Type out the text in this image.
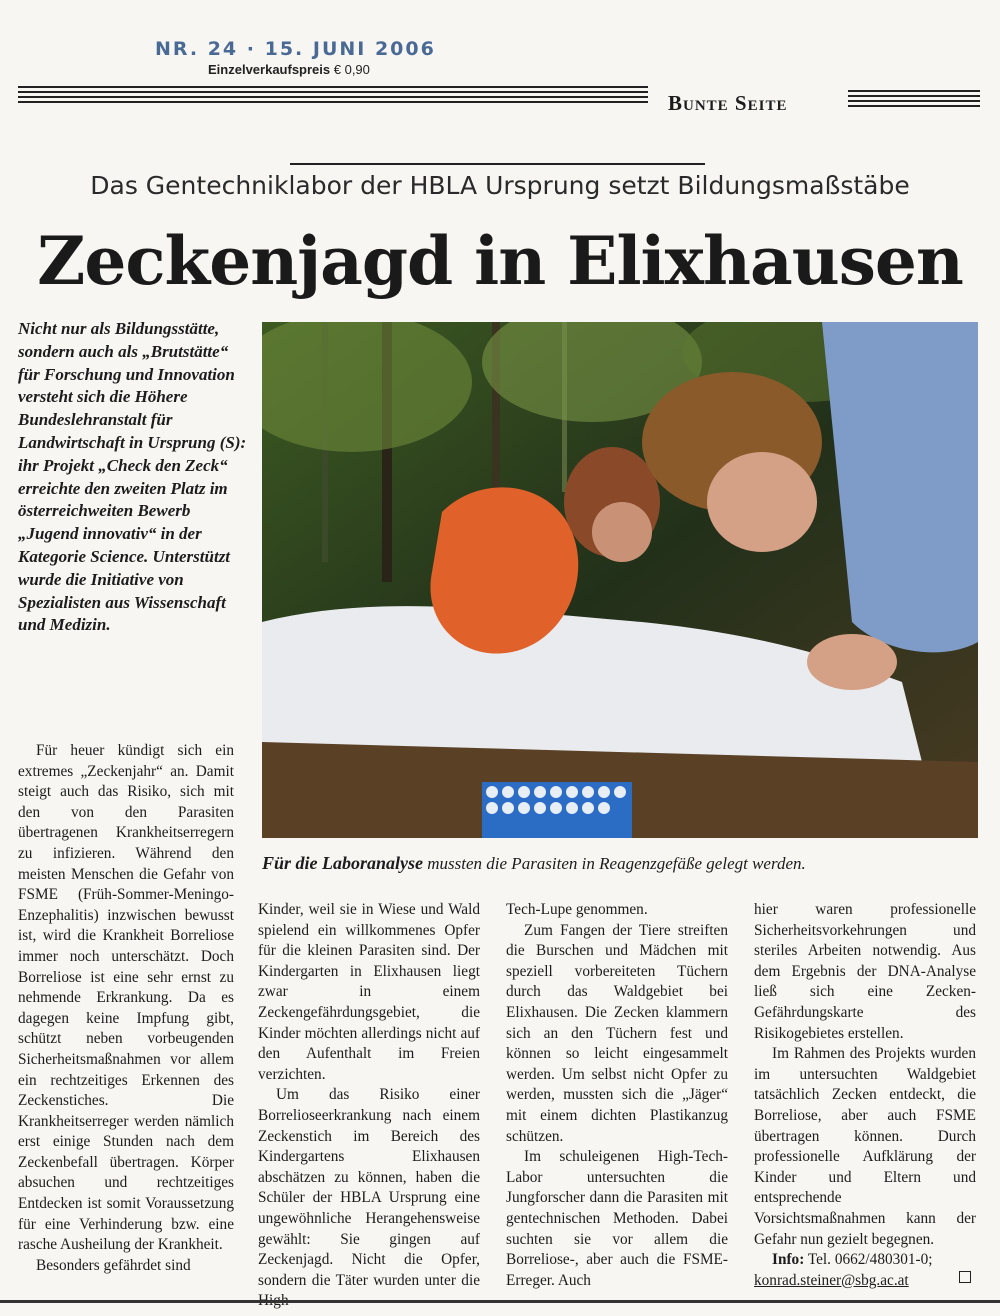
NR. 24 · 15. JUNI 2006
Einzelverkaufspreis € 0,90
Bunte Seite
Das Gentechniklabor der HBLA Ursprung setzt Bildungsmaßstäbe
Zeckenjagd in Elixhausen
Nicht nur als Bildungsstätte, sondern auch als „Brutstätte“ für Forschung und Innovation versteht sich die Höhere Bundeslehranstalt für Landwirtschaft in Ursprung (S): ihr Projekt „Check den Zeck“ erreichte den zweiten Platz im österreichweiten Bewerb „Jugend innovativ“ in der Kategorie Science. Unterstützt wurde die Initiative von Spezialisten aus Wissenschaft und Medizin.
Für die Laboranalyse mussten die Parasiten in Reagenzgefäße gelegt werden.

Für heuer kündigt sich ein extremes „Zeckenjahr“ an. Damit steigt auch das Risiko, sich mit den von den Parasiten übertragenen Krankheitserregern zu infizieren. Während den meisten Menschen die Gefahr von FSME (Früh-Sommer-Meningo-Enzephalitis) inzwischen bewusst ist, wird die Krankheit Borreliose immer noch unterschätzt. Doch Borreliose ist eine sehr ernst zu nehmende Erkrankung. Da es dagegen keine Impfung gibt, schützt neben vorbeugenden Sicherheitsmaßnahmen vor allem ein rechtzeitiges Erkennen des Zeckenstiches. Die Krankheitserreger werden nämlich erst einige Stunden nach dem Zeckenbefall übertragen. Körper absuchen und rechtzeitiges Entdecken ist somit Voraussetzung für eine Verhinderung bzw. eine rasche Ausheilung der Krankheit.

Besonders gefährdet sind

Kinder, weil sie in Wiese und Wald spielend ein willkommenes Opfer für die kleinen Parasiten sind. Der Kindergarten in Elixhausen liegt zwar in einem Zeckengefährdungsgebiet, die Kinder möchten allerdings nicht auf den Aufenthalt im Freien verzichten.

Um das Risiko einer Borrelioseerkrankung nach einem Zeckenstich im Bereich des Kindergartens Elixhausen abschätzen zu können, haben die Schüler der HBLA Ursprung eine ungewöhnliche Herangehensweise gewählt: Sie gingen auf Zeckenjagd. Nicht die Opfer, sondern die Täter wurden unter die

Tech-Lupe genommen.

Zum Fangen der Tiere streiften die Burschen und Mädchen mit speziell vorbereiteten Tüchern durch das Waldgebiet bei Elixhausen. Die Zecken klammern sich an den Tüchern fest und können so leicht eingesammelt werden. Um selbst nicht Opfer zu werden, mussten sich die „Jäger“ mit einem dichten Plastikanzug schützen.

Im schuleigenen High-Tech-Labor untersuchten die Jungforscher dann die Parasiten mit gentechnischen Methoden. Dabei suchten sie vor allem die Borreliose-, aber auch die FSME-Erreger. Auch

hier waren professionelle Sicherheitsvorkehrungen und steriles Arbeiten notwendig. Aus dem Ergebnis der DNA-Analyse ließ sich eine Zecken-Gefährdungskarte des Risikogebietes erstellen.

Im Rahmen des Projekts wurden im untersuchten Waldgebiet tatsächlich Zecken entdeckt, die Borreliose, aber auch FSME übertragen können. Durch professionelle Aufklärung der Kinder und Eltern und entsprechende Vorsichtsmaßnahmen kann der Gefahr nun gezielt begegnen.

Info: Tel. 0662/480301-0;
konrad.steiner@sbg.ac.at
